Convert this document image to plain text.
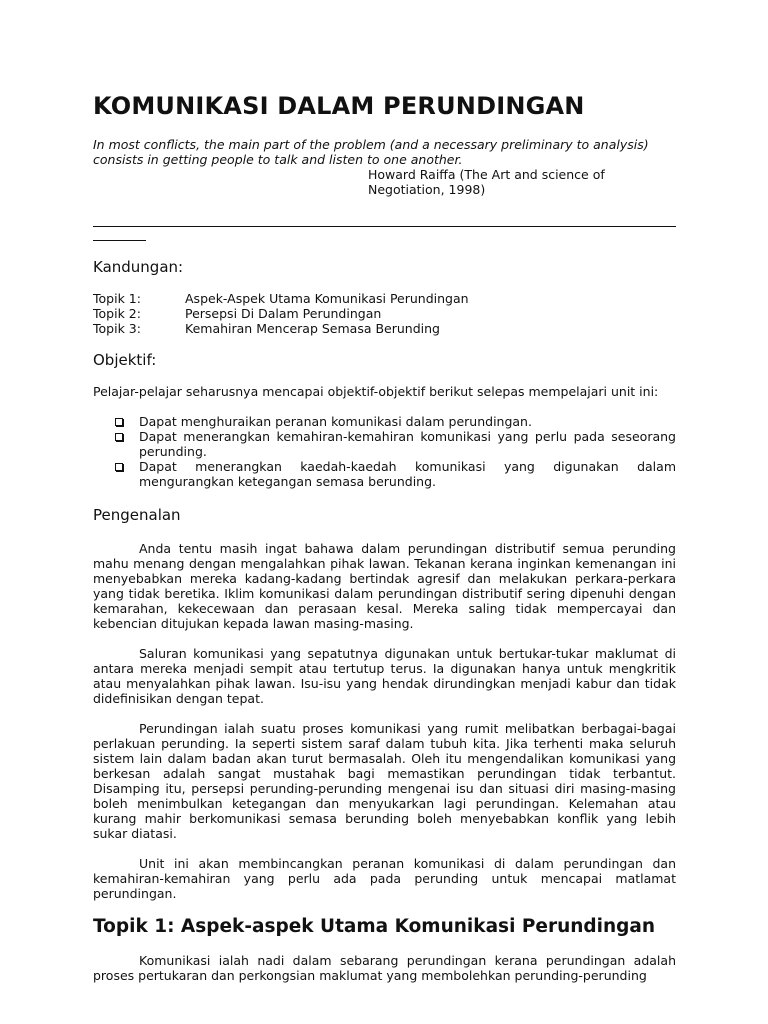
KOMUNIKASI DALAM PERUNDINGAN
In most conflicts, the main part of the problem (and a necessary preliminary to analysis) consists in getting people to talk and listen to one another.
Howard Raiffa (The Art and science of Negotiation, 1998)
Kandungan:
Topik 1:	Aspek-Aspek Utama Komunikasi Perundingan
Topik 2:	Persepsi Di Dalam Perundingan
Topik 3:	Kemahiran Mencerap Semasa Berunding
Objektif:
Pelajar-pelajar seharusnya mencapai objektif-objektif berikut selepas mempelajari unit ini:
Dapat menghuraikan peranan komunikasi dalam perundingan.
Dapat menerangkan kemahiran-kemahiran komunikasi yang perlu pada seseorang perunding.
Dapat menerangkan kaedah-kaedah komunikasi yang digunakan dalam mengurangkan ketegangan semasa berunding.
Pengenalan
Anda tentu masih ingat bahawa dalam perundingan distributif semua perunding mahu menang dengan mengalahkan pihak lawan. Tekanan kerana inginkan kemenangan ini menyebabkan mereka kadang-kadang bertindak agresif dan melakukan perkara-perkara yang tidak beretika. Iklim komunikasi dalam perundingan distributif sering dipenuhi dengan kemarahan, kekecewaan dan perasaan kesal. Mereka saling tidak mempercayai dan kebencian ditujukan kepada lawan masing-masing.
Saluran komunikasi yang sepatutnya digunakan untuk bertukar-tukar maklumat di antara mereka menjadi sempit atau tertutup terus. Ia digunakan hanya untuk mengkritik atau menyalahkan pihak lawan. Isu-isu yang hendak dirundingkan menjadi kabur dan tidak didefinisikan dengan tepat.
Perundingan ialah suatu proses komunikasi yang rumit melibatkan berbagai-bagai perlakuan perunding. Ia seperti sistem saraf dalam tubuh kita. Jika terhenti maka seluruh sistem lain dalam badan akan turut bermasalah. Oleh itu mengendalikan komunikasi yang berkesan adalah sangat mustahak bagi memastikan perundingan tidak terbantut. Disamping itu, persepsi perunding-perunding mengenai isu dan situasi diri masing-masing boleh menimbulkan ketegangan dan menyukarkan lagi perundingan. Kelemahan atau kurang mahir berkomunikasi semasa berunding boleh menyebabkan konflik yang lebih sukar diatasi.
Unit ini akan membincangkan peranan komunikasi di dalam perundingan dan kemahiran-kemahiran yang perlu ada pada perunding untuk mencapai matlamat perundingan.
Topik 1: Aspek-aspek Utama Komunikasi Perundingan
Komunikasi ialah nadi dalam sebarang perundingan kerana perundingan adalah proses pertukaran dan perkongsian maklumat yang membolehkan perunding-perunding
